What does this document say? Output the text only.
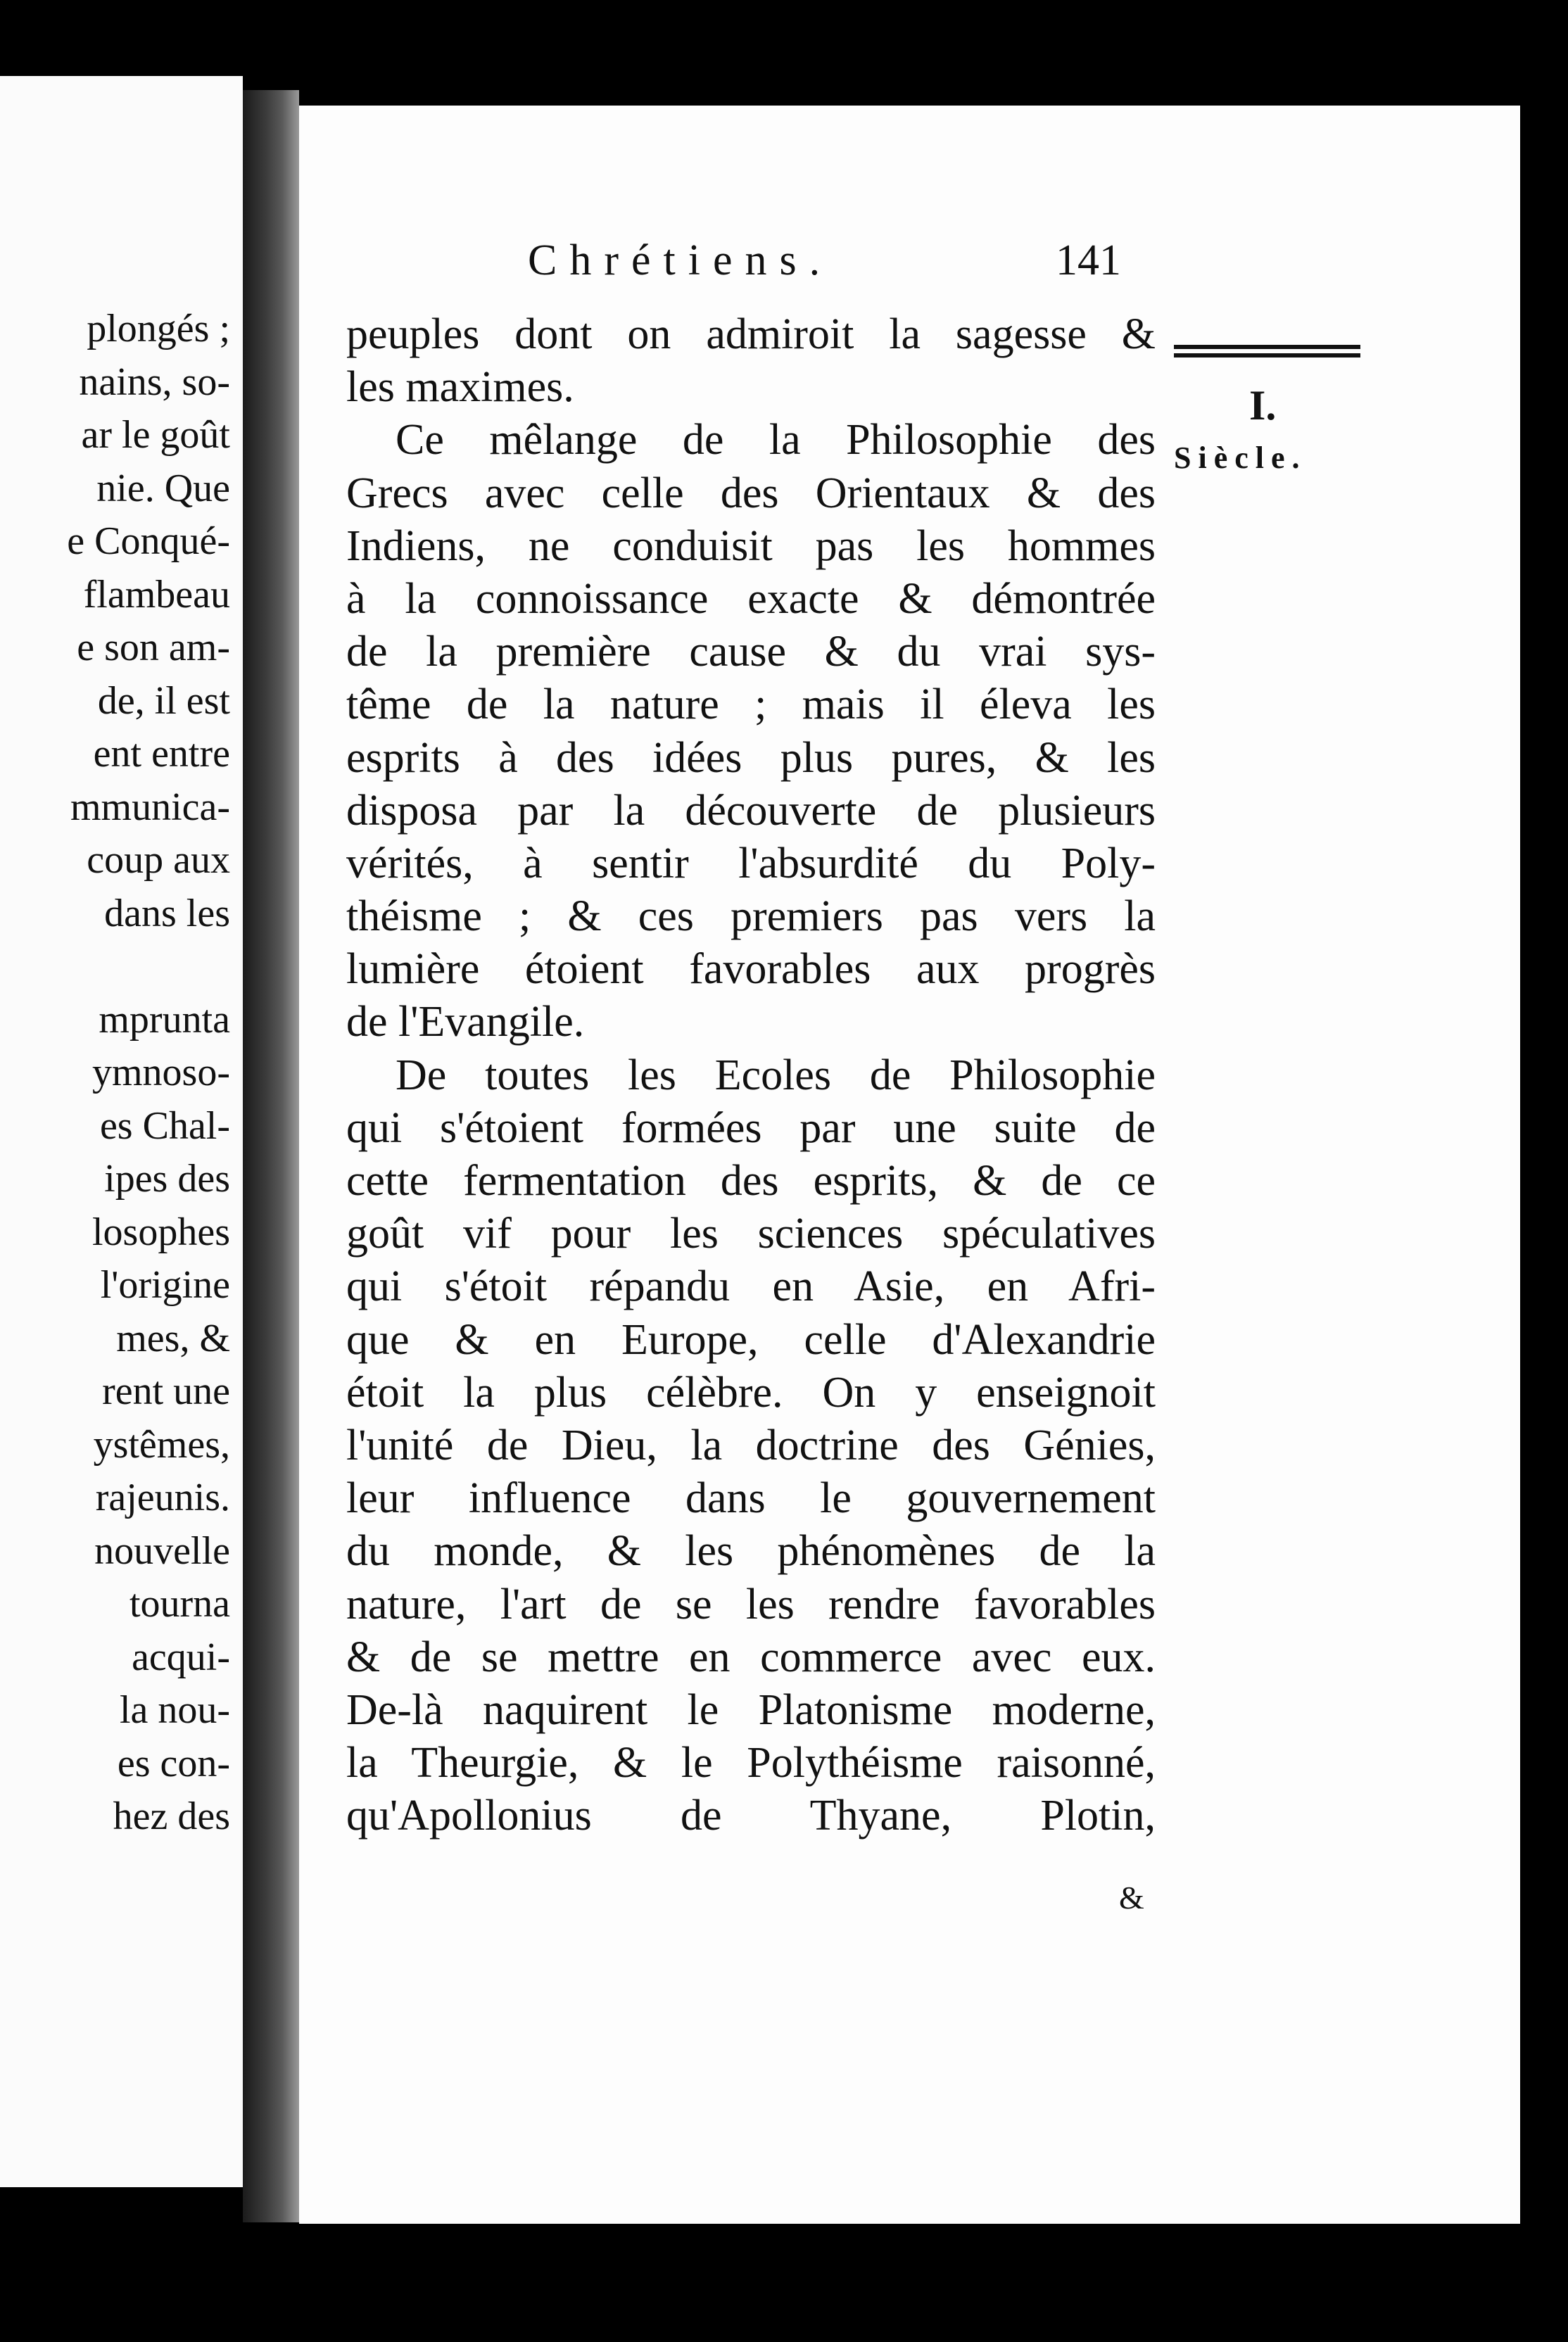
plongés ;
nains, so-
ar le goût
nie. Que
e Conqué-
flambeau
e son am-
de, il est
ent entre
mmunica-
coup aux
dans les
mprunta
ymnoso-
es Chal-
ipes des
losophes
l'origine
mes, &
rent une
ystêmes,
rajeunis.
nouvelle
tourna
acqui-
la nou-
es con-
hez des
Chrétiens.	141
I.
Siècle.
peuples dont on admiroit la sagesse &
les maximes.
Ce mêlange de la Philosophie des
Grecs avec celle des Orientaux & des
Indiens, ne conduisit pas les hommes
à la connoissance exacte & démontrée
de la première cause & du vrai sys-
tême de la nature ; mais il éleva les
esprits à des idées plus pures, & les
disposa par la découverte de plusieurs
vérités, à sentir l'absurdité du Poly-
théisme ; & ces premiers pas vers la
lumière étoient favorables aux progrès
de l'Evangile.
De toutes les Ecoles de Philosophie
qui s'étoient formées par une suite de
cette fermentation des esprits, & de ce
goût vif pour les sciences spéculatives
qui s'étoit répandu en Asie, en Afri-
que & en Europe, celle d'Alexandrie
étoit la plus célèbre. On y enseignoit
l'unité de Dieu, la doctrine des Génies,
leur influence dans le gouvernement
du monde, & les phénomènes de la
nature, l'art de se les rendre favorables
& de se mettre en commerce avec eux.
De-là naquirent le Platonisme moderne,
la Theurgie, & le Polythéisme raisonné,
qu'Apollonius de Thyane, Plotin,
&
